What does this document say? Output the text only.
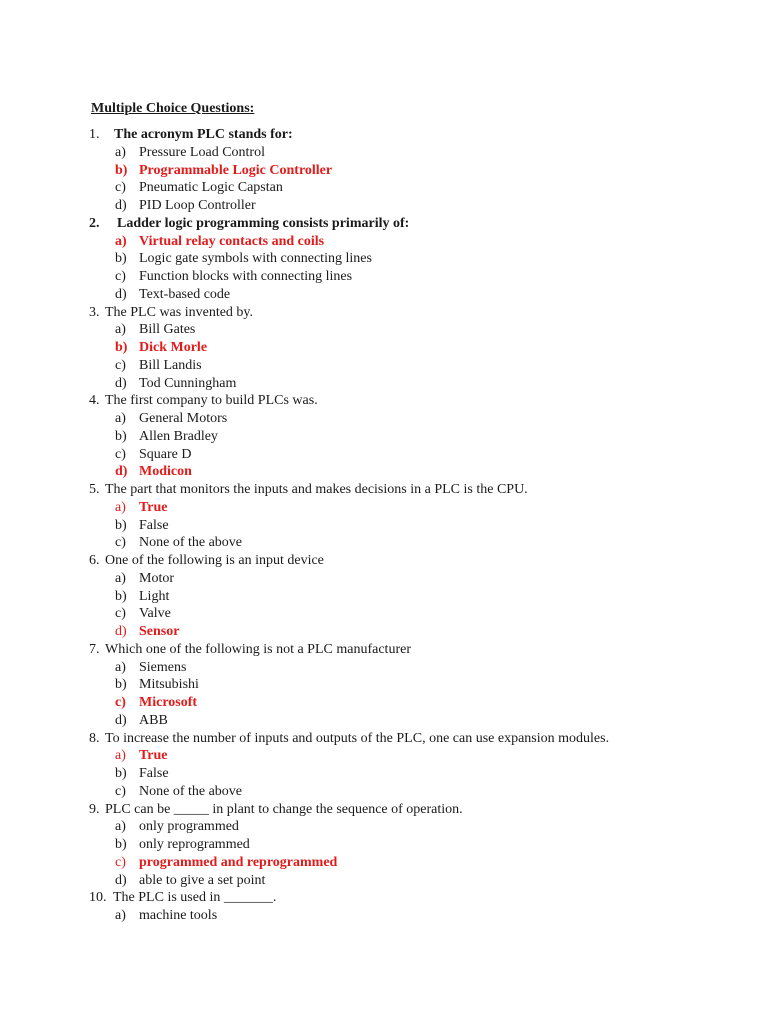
Multiple Choice Questions:
1. The acronym PLC stands for:
a) Pressure Load Control
b) Programmable Logic Controller
c) Pneumatic Logic Capstan
d) PID Loop Controller
2. Ladder logic programming consists primarily of:
a) Virtual relay contacts and coils
b) Logic gate symbols with connecting lines
c) Function blocks with connecting lines
d) Text-based code
3. The PLC was invented by.
a) Bill Gates
b) Dick Morle
c) Bill Landis
d) Tod Cunningham
4. The first company to build PLCs was.
a) General Motors
b) Allen Bradley
c) Square D
d) Modicon
5. The part that monitors the inputs and makes decisions in a PLC is the CPU.
a) True
b) False
c) None of the above
6. One of the following is an input device
a) Motor
b) Light
c) Valve
d) Sensor
7. Which one of the following is not a PLC manufacturer
a) Siemens
b) Mitsubishi
c) Microsoft
d) ABB
8. To increase the number of inputs and outputs of the PLC, one can use expansion modules.
a) True
b) False
c) None of the above
9. PLC can be _____ in plant to change the sequence of operation.
a) only programmed
b) only reprogrammed
c) programmed and reprogrammed
d) able to give a set point
10. The PLC is used in _______.
a) machine tools
